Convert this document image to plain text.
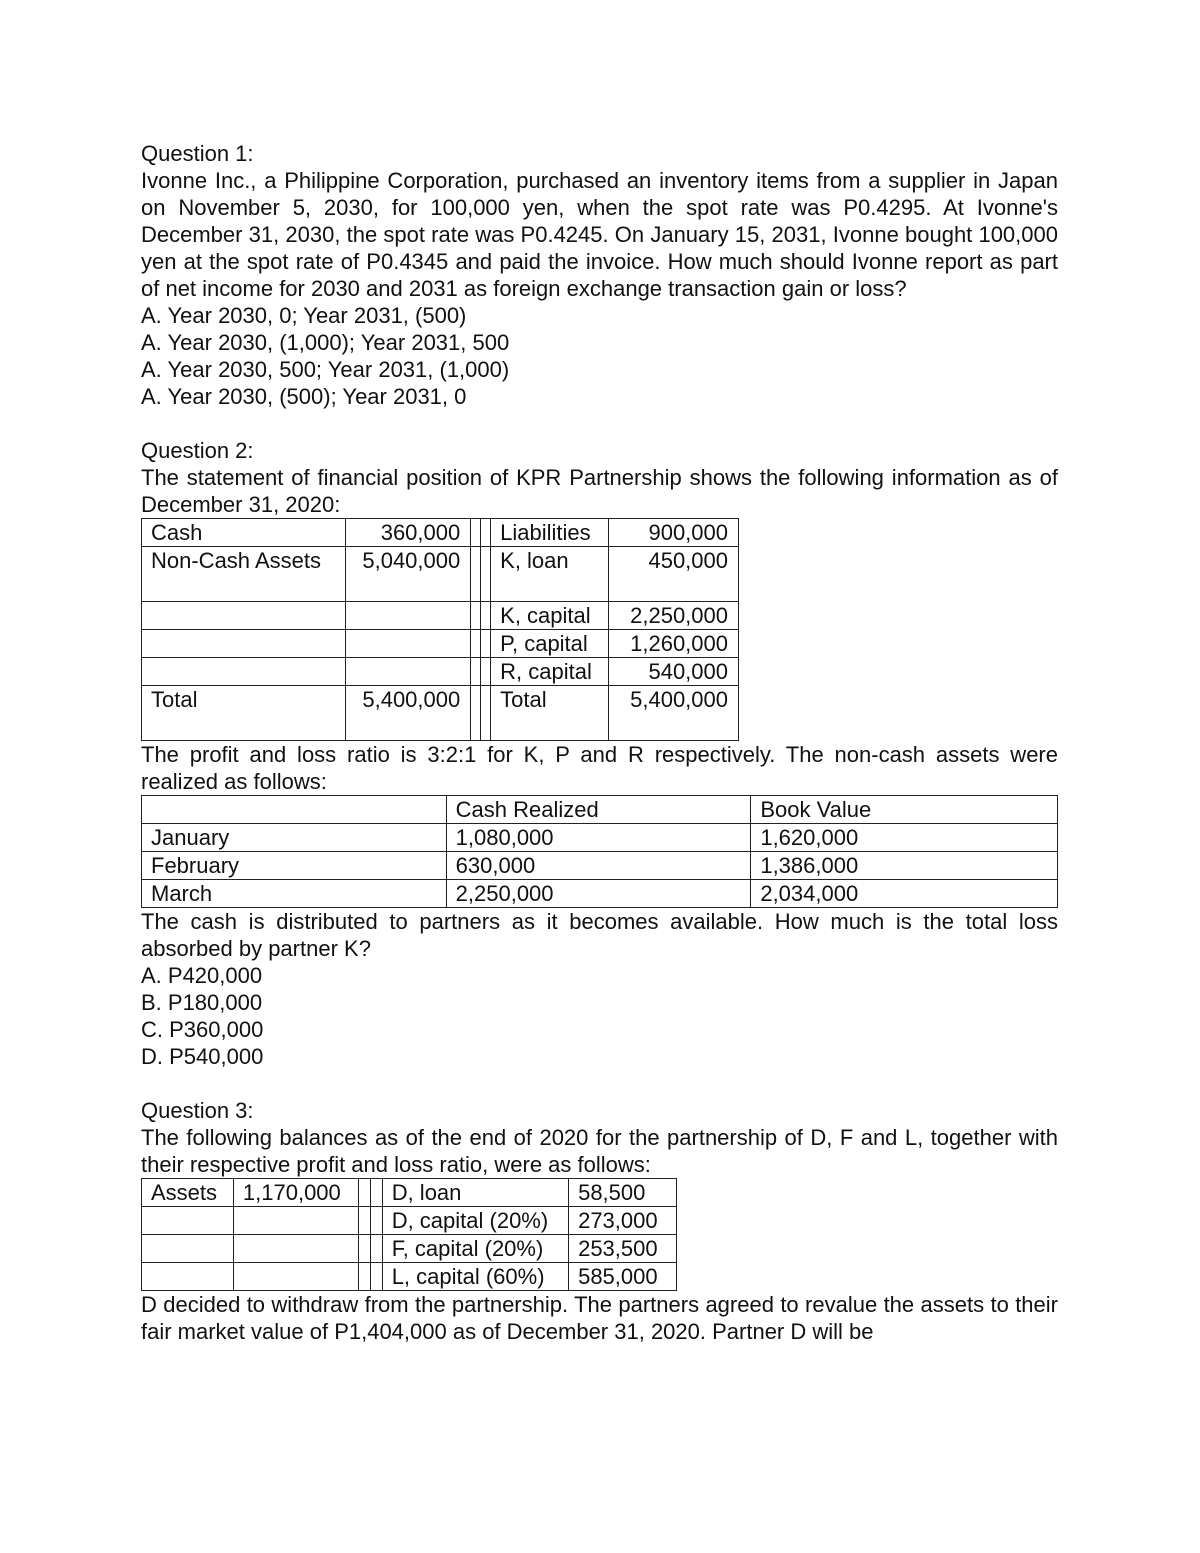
Question 1:

Ivonne Inc., a Philippine Corporation, purchased an inventory items from a supplier in Japan on November 5, 2030, for 100,000 yen, when the spot rate was P0.4295. At Ivonne's December 31, 2030, the spot rate was P0.4245. On January 15, 2031, Ivonne bought 100,000 yen at the spot rate of P0.4345 and paid the invoice. How much should Ivonne report as part of net income for 2030 and 2031 as foreign exchange transaction gain or loss?

A. Year 2030, 0; Year 2031, (500)

A. Year 2030, (1,000); Year 2031, 500

A. Year 2030, 500; Year 2031, (1,000)

A. Year 2030, (500); Year 2031, 0

Question 2:

The statement of financial position of KPR Partnership shows the following information as of December 31, 2020:

Cash	360,000			Liabilities	900,000
Non-Cash Assets	5,040,000			K, loan	450,000
				K, capital	2,250,000
				P, capital	1,260,000
				R, capital	540,000
Total	5,400,000			Total	5,400,000

The profit and loss ratio is 3:2:1 for K, P and R respectively. The non-cash assets were realized as follows:

	Cash Realized	Book Value
January	1,080,000	1,620,000
February	630,000	1,386,000
March	2,250,000	2,034,000

The cash is distributed to partners as it becomes available. How much is the total loss absorbed by partner K?

A. P420,000

B. P180,000

C. P360,000

D. P540,000

Question 3:

The following balances as of the end of 2020 for the partnership of D, F and L, together with their respective profit and loss ratio, were as follows:

Assets	1,170,000			D, loan	58,500
				D, capital (20%)	273,000
				F, capital (20%)	253,500
				L, capital (60%)	585,000

D decided to withdraw from the partnership. The partners agreed to revalue the assets to their fair market value of P1,404,000 as of December 31, 2020. Partner D will be
